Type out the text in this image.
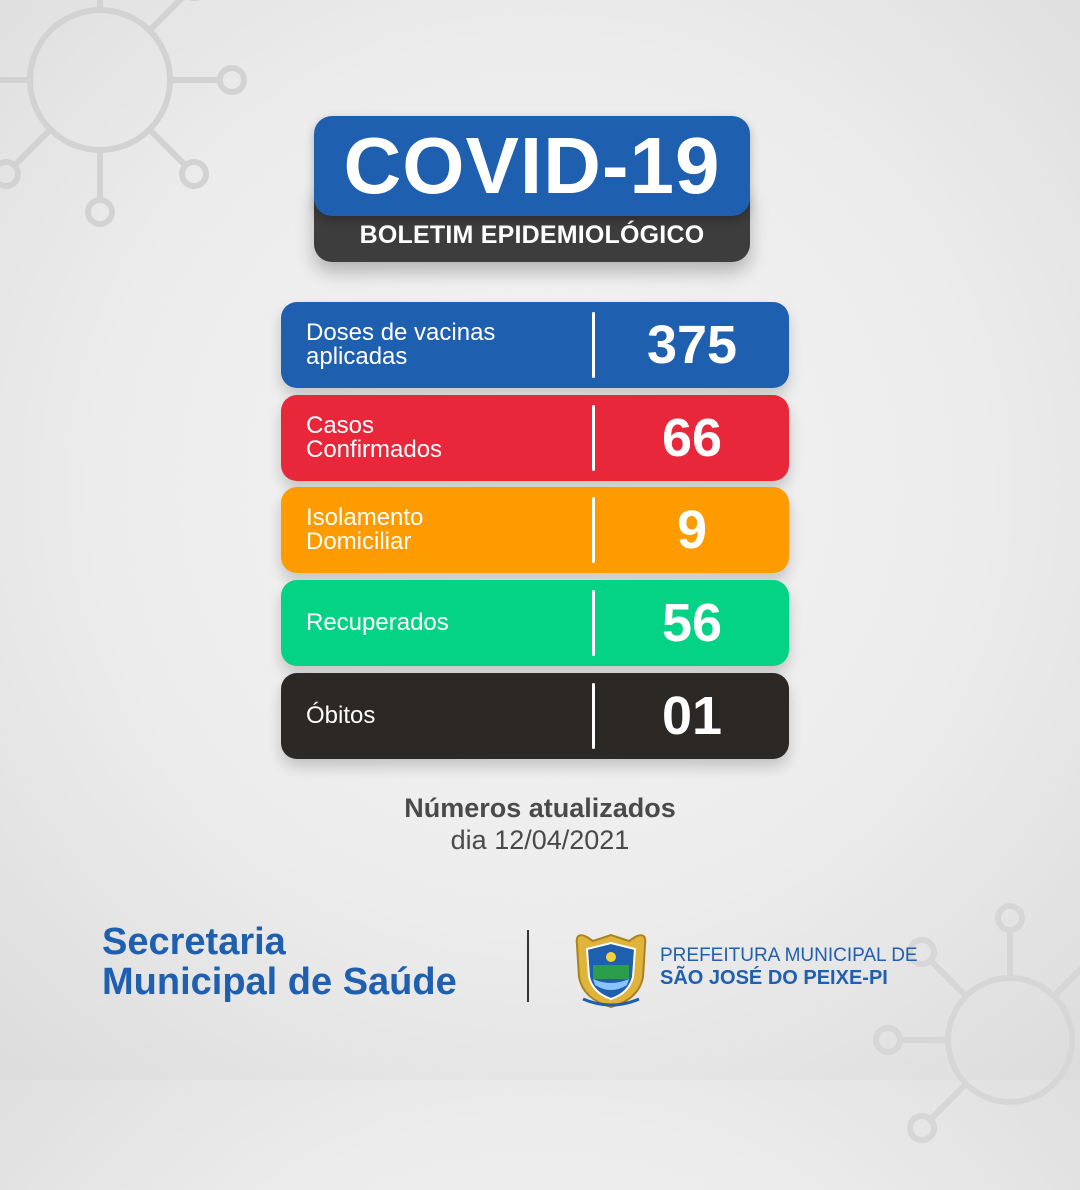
BOLETIM EPIDEMIOLÓGICO
COVID-19
Doses de vacinas
aplicadas	375
Casos
Confirmados	66
Isolamento
Domiciliar	9
Recuperados	56
Óbitos	01
Números atualizados
dia 12/04/2021
Secretaria
Municipal de Saúde
PREFEITURA MUNICIPAL DE
SÃO JOSÉ DO PEIXE-PI
